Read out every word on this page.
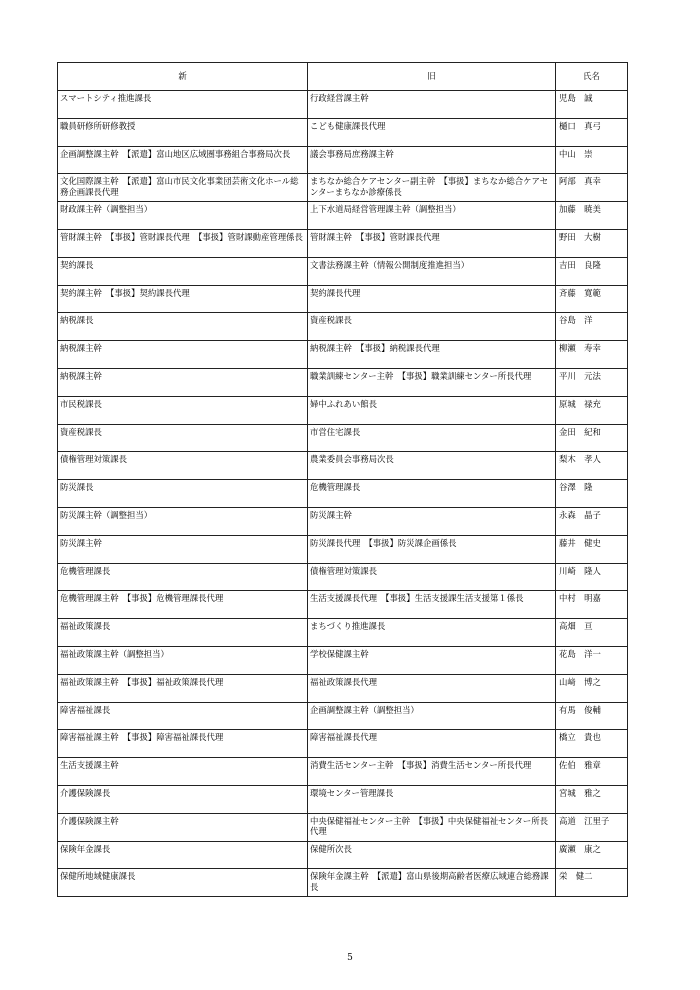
新	旧	氏名
スマートシティ推進課長	行政経営課主幹	児島　誠
職員研修所研修教授	こども健康課長代理	樋口　真弓
企画調整課主幹　【派遣】富山地区広域圏事務組合事務局次長	議会事務局庶務課主幹	中山　崇
文化国際課主幹　【派遣】富山市民文化事業団芸術文化ホール総務企画課長代理	まちなか総合ケアセンター副主幹　【事扱】まちなか総合ケアセンターまちなか診療係長	阿部　真幸
財政課主幹（調整担当）	上下水道局経営管理課主幹（調整担当）	加藤　暁美
管財課主幹　【事扱】管財課長代理　【事扱】管財課動産管理係長	管財課主幹　【事扱】管財課長代理	野田　大樹
契約課長	文書法務課主幹（情報公開制度推進担当）	吉田　良隆
契約課主幹　【事扱】契約課長代理	契約課長代理	斉藤　寛範
納税課長	資産税課長	谷島　洋
納税課主幹	納税課主幹　【事扱】納税課長代理	柳瀬　寿幸
納税課主幹	職業訓練センター主幹　【事扱】職業訓練センター所長代理	平川　元法
市民税課長	婦中ふれあい館長	原城　禄充
資産税課長	市営住宅課長	金田　紀和
債権管理対策課長	農業委員会事務局次長	梨木　孝人
防災課長	危機管理課長	谷澤　隆
防災課主幹（調整担当）	防災課主幹	永森　晶子
防災課主幹	防災課長代理　【事扱】防災課企画係長	藤井　健史
危機管理課長	債権管理対策課長	川崎　隆人
危機管理課主幹　【事扱】危機管理課長代理	生活支援課長代理　【事扱】生活支援課生活支援第１係長	中村　明嘉
福祉政策課長	まちづくり推進課長	高畑　亘
福祉政策課主幹（調整担当）	学校保健課主幹	花島　洋一
福祉政策課主幹　【事扱】福祉政策課長代理	福祉政策課長代理	山﨑　博之
障害福祉課長	企画調整課主幹（調整担当）	有馬　俊輔
障害福祉課主幹　【事扱】障害福祉課長代理	障害福祉課長代理	橋立　貴也
生活支援課主幹	消費生活センター主幹　【事扱】消費生活センター所長代理	佐伯　雅章
介護保険課長	環境センター管理課長	宮城　雅之
介護保険課主幹	中央保健福祉センター主幹　【事扱】中央保健福祉センター所長代理	高道　江里子
保険年金課長	保健所次長	廣瀬　康之
保健所地域健康課長	保険年金課主幹　【派遣】富山県後期高齢者医療広域連合総務課長	栄　健二
5
